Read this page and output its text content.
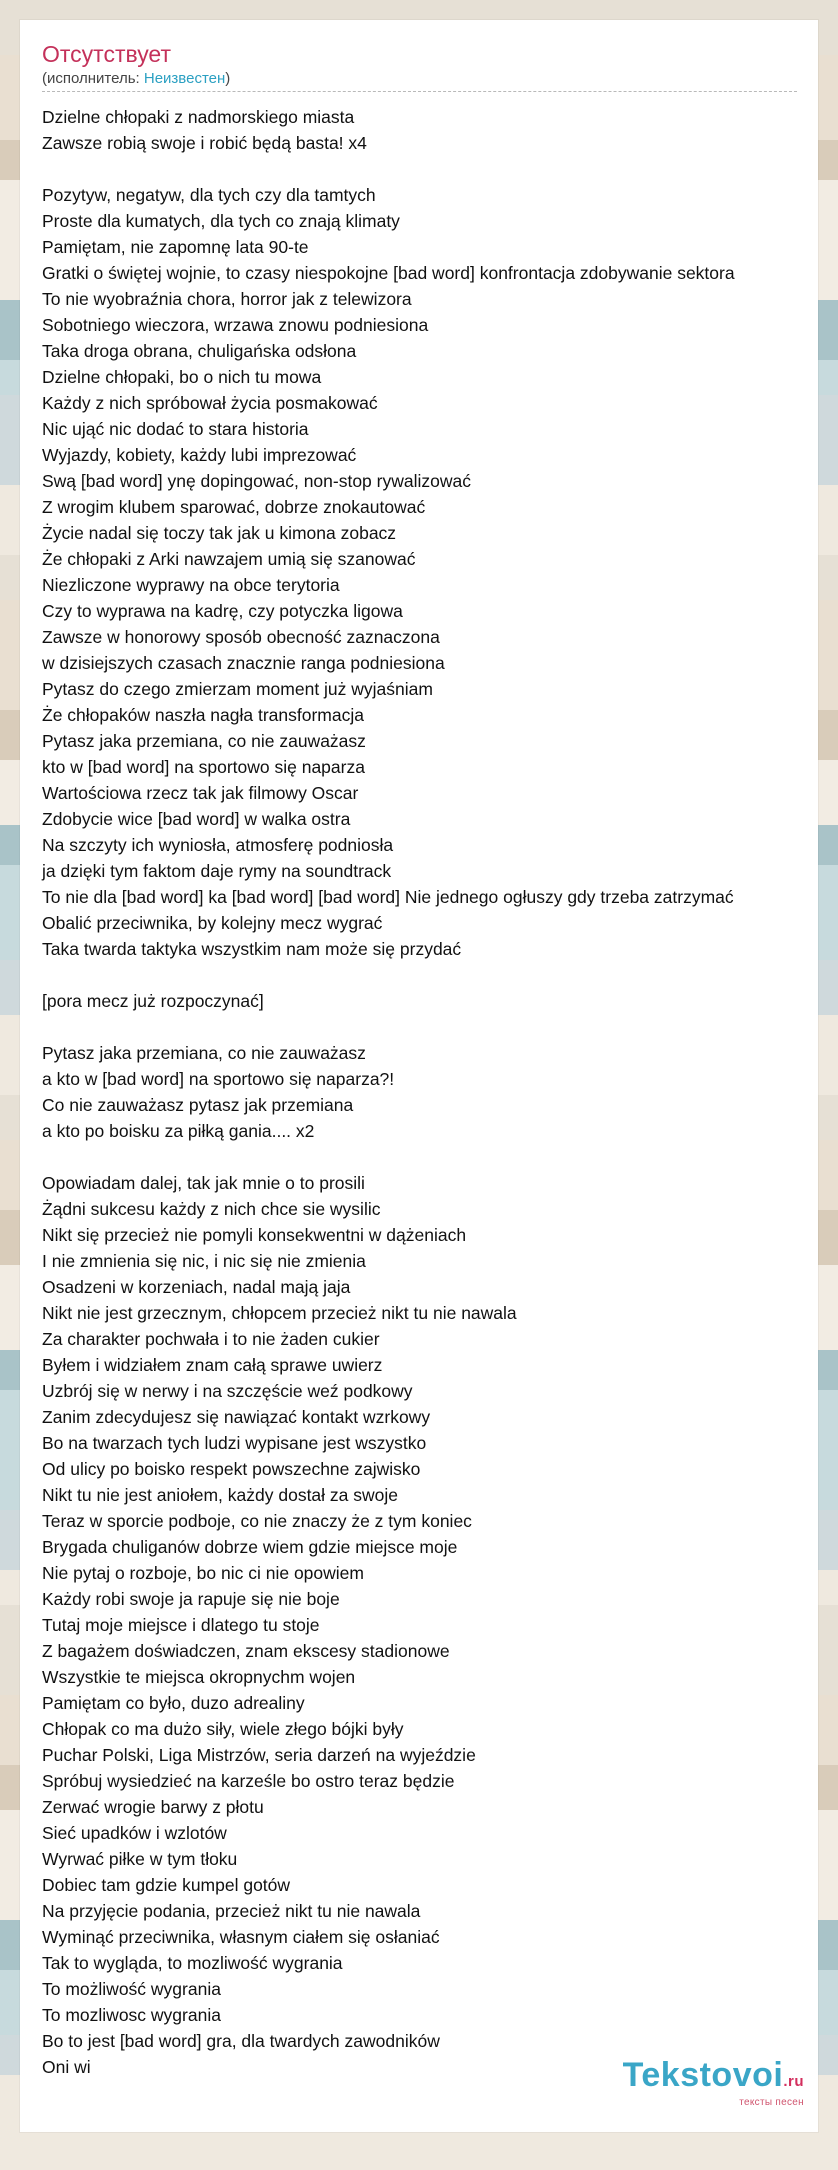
Отсутствует
(исполнитель: Неизвестен)
Dzielne chłopaki z nadmorskiego miasta
Zawsze robią swoje i robić będą basta! x4
Pozytyw, negatyw, dla tych czy dla tamtych
Proste dla kumatych, dla tych co znają klimaty
Pamiętam, nie zapomnę lata 90-te
Gratki o świętej wojnie, to czasy niespokojne [bad word] konfrontacja zdobywanie sektora
To nie wyobraźnia chora, horror jak z telewizora
Sobotniego wieczora, wrzawa znowu podniesiona
Taka droga obrana, chuligańska odsłona
Dzielne chłopaki, bo o nich tu mowa
Każdy z nich spróbował życia posmakować
Nic ująć nic dodać to stara historia
Wyjazdy, kobiety, każdy lubi imprezować
Swą [bad word] ynę dopingować, non-stop rywalizować
Z wrogim klubem sparować, dobrze znokautować
Życie nadal się toczy tak jak u kimona zobacz
Że chłopaki z Arki nawzajem umią się szanować
Niezliczone wyprawy na obce terytoria
Czy to wyprawa na kadrę, czy potyczka ligowa
Zawsze w honorowy sposób obecność zaznaczona
w dzisiejszych czasach znacznie ranga podniesiona
Pytasz do czego zmierzam moment już wyjaśniam
Że chłopaków naszła nagła transformacja
Pytasz jaka przemiana, co nie zauważasz
kto w [bad word] na sportowo się naparza
Wartościowa rzecz tak jak filmowy Oscar
Zdobycie wice [bad word] w walka ostra
Na szczyty ich wyniosła, atmosferę podniosła
ja dzięki tym faktom daje rymy na soundtrack
To nie dla [bad word] ka [bad word] [bad word] Nie jednego ogłuszy gdy trzeba zatrzymać
Obalić przeciwnika, by kolejny mecz wygrać
Taka twarda taktyka wszystkim nam może się przydać
[pora mecz już rozpoczynać]
Pytasz jaka przemiana, co nie zauważasz
a kto w [bad word] na sportowo się naparza?!
Co nie zauważasz pytasz jak przemiana
a kto po boisku za piłką gania.... x2
Opowiadam dalej, tak jak mnie o to prosili
Żądni sukcesu każdy z nich chce sie wysilic
Nikt się przecież nie pomyli konsekwentni w dążeniach
I nie zmnienia się nic, i nic się nie zmienia
Osadzeni w korzeniach, nadal mają jaja
Nikt nie jest grzecznym, chłopcem przecież nikt tu nie nawala
Za charakter pochwała i to nie żaden cukier
Byłem i widziałem znam całą sprawe uwierz
Uzbrój się w nerwy i na szczęście weź podkowy
Zanim zdecydujesz się nawiązać kontakt wzrkowy
Bo na twarzach tych ludzi wypisane jest wszystko
Od ulicy po boisko respekt powszechne zajwisko
Nikt tu nie jest aniołem, każdy dostał za swoje
Teraz w sporcie podboje, co nie znaczy że z tym koniec
Brygada chuliganów dobrze wiem gdzie miejsce moje
Nie pytaj o rozboje, bo nic ci nie opowiem
Każdy robi swoje ja rapuje się nie boje
Tutaj moje miejsce i dlatego tu stoje
Z bagażem doświadczen, znam ekscesy stadionowe
Wszystkie te miejsca okropnychm wojen
Pamiętam co było, duzo adrealiny
Chłopak co ma dużo siły, wiele złego bójki były
Puchar Polski, Liga Mistrzów, seria darzeń na wyjeździe
Spróbuj wysiedzieć na karześle bo ostro teraz będzie
Zerwać wrogie barwy z płotu
Sieć upadków i wzlotów
Wyrwać piłke w tym tłoku
Dobiec tam gdzie kumpel gotów
Na przyjęcie podania, przecież nikt tu nie nawala
Wyminąć przeciwnika, własnym ciałem się osłaniać
Tak to wygląda, to mozliwość wygrania
To możliwość wygrania
To mozliwosc wygrania
Bo to jest [bad word] gra, dla twardych zawodników
Oni wi	Tekstovoi.ru
тексты песен
